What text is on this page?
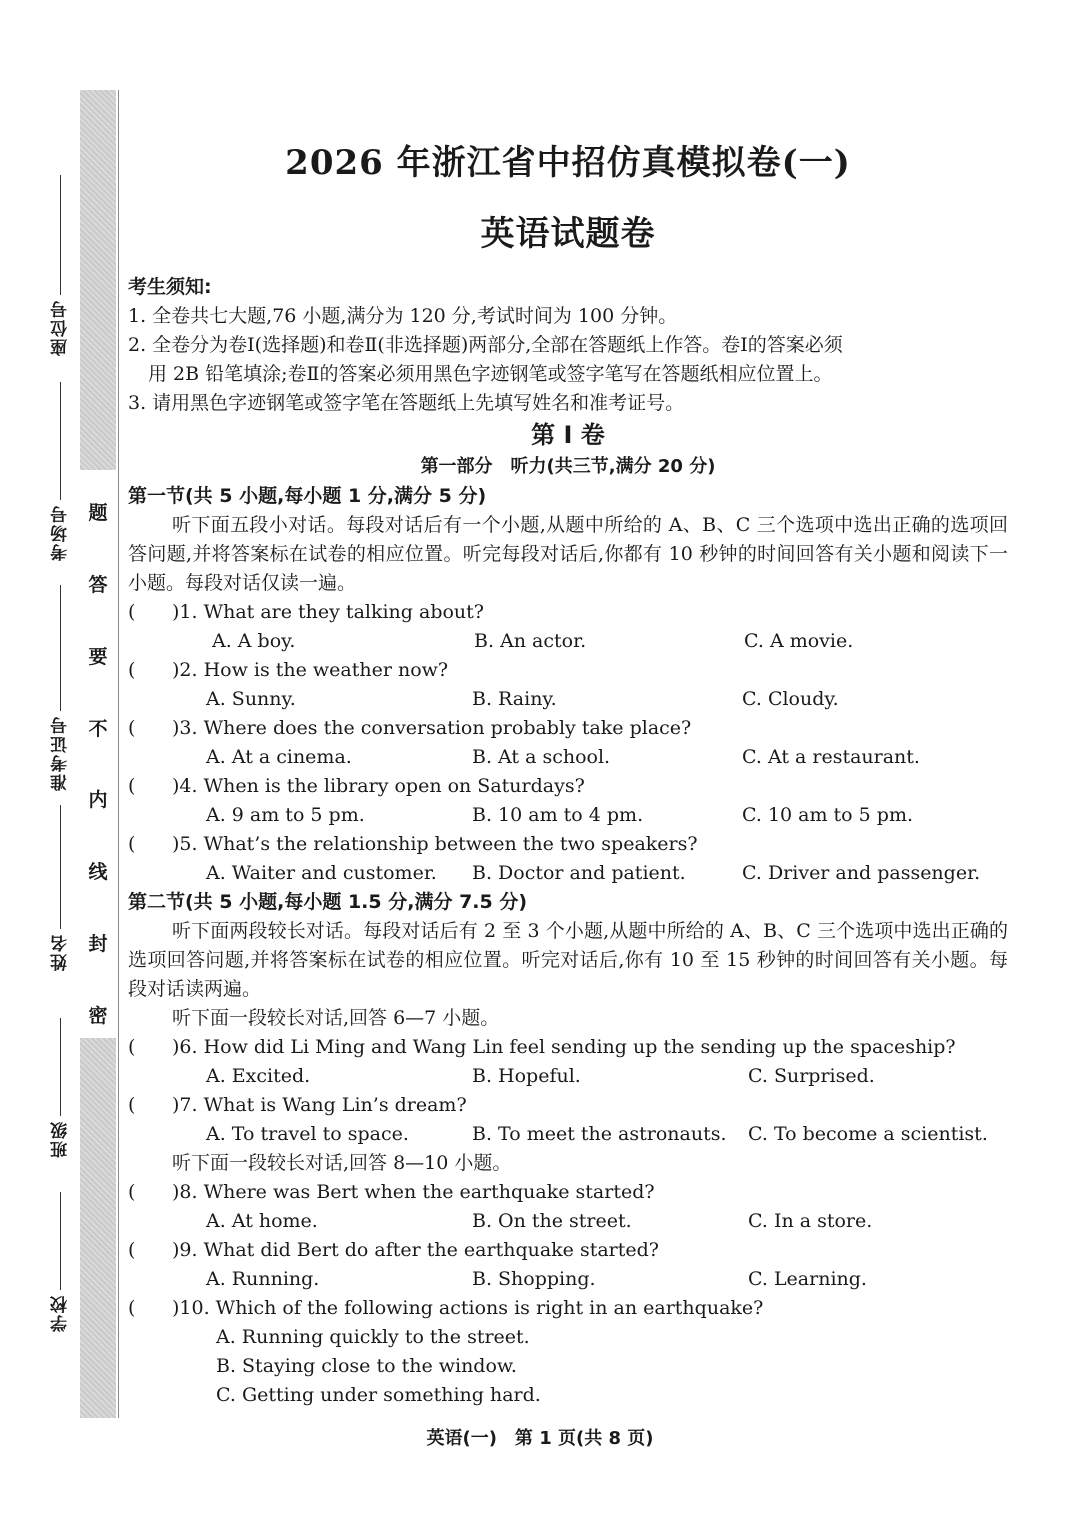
座位号
考场号
准考证号
姓名
班级
学校
题
答
要
不
内
线
封
密
2026 年浙江省中招仿真模拟卷(一)
英语试题卷
考生须知:
1. 全卷共七大题,76 小题,满分为 120 分,考试时间为 100 分钟。
2. 全卷分为卷Ⅰ(选择题)和卷Ⅱ(非选择题)两部分,全部在答题纸上作答。卷Ⅰ的答案必须
用 2B 铅笔填涂;卷Ⅱ的答案必须用黑色字迹钢笔或签字笔写在答题纸相应位置上。
3. 请用黑色字迹钢笔或签字笔在答题纸上先填写姓名和准考证号。
第 I 卷
第一部分　听力(共三节,满分 20 分)
第一节(共 5 小题,每小题 1 分,满分 5 分)
听下面五段小对话。每段对话后有一个小题,从题中所给的 A、B、C 三个选项中选出正确的选项回答问题,并将答案标在试卷的相应位置。听完每段对话后,你都有 10 秒钟的时间回答有关小题和阅读下一小题。每段对话仅读一遍。
(　　
)1. What are they talking about?
A. A boy.	B. An actor.	C. A movie.
(　　
)2. How is the weather now?
A. Sunny.	B. Rainy.	C. Cloudy.
(　　
)3. Where does the conversation probably take place?
A. At a cinema.	B. At a school.	C. At a restaurant.
(　　
)4. When is the library open on Saturdays?
A. 9 am to 5 pm.	B. 10 am to 4 pm.	C. 10 am to 5 pm.
(　　
)5. What’s the relationship between the two speakers?
A. Waiter and customer.	B. Doctor and patient.	C. Driver and passenger.
第二节(共 5 小题,每小题 1.5 分,满分 7.5 分)
听下面两段较长对话。每段对话后有 2 至 3 个小题,从题中所给的 A、B、C 三个选项中选出正确的选项回答问题,并将答案标在试卷的相应位置。听完对话后,你有 10 至 15 秒钟的时间回答有关小题。每段对话读两遍。
听下面一段较长对话,回答 6—7 小题。
(　　
)6. How did Li Ming and Wang Lin feel sending up the sending up the spaceship?
A. Excited.	B. Hopeful.	C. Surprised.
(　　
)7. What is Wang Lin’s dream?
A. To travel to space.	B. To meet the astronauts.	C. To become a scientist.
听下面一段较长对话,回答 8—10 小题。
(　　
)8. Where was Bert when the earthquake started?
A. At home.	B. On the street.	C. In a store.
(　　
)9. What did Bert do after the earthquake started?
A. Running.	B. Shopping.	C. Learning.
(　　
)10. Which of the following actions is right in an earthquake?
A. Running quickly to the street.
B. Staying close to the window.
C. Getting under something hard.
英语(一)　第 1 页(共 8 页)
